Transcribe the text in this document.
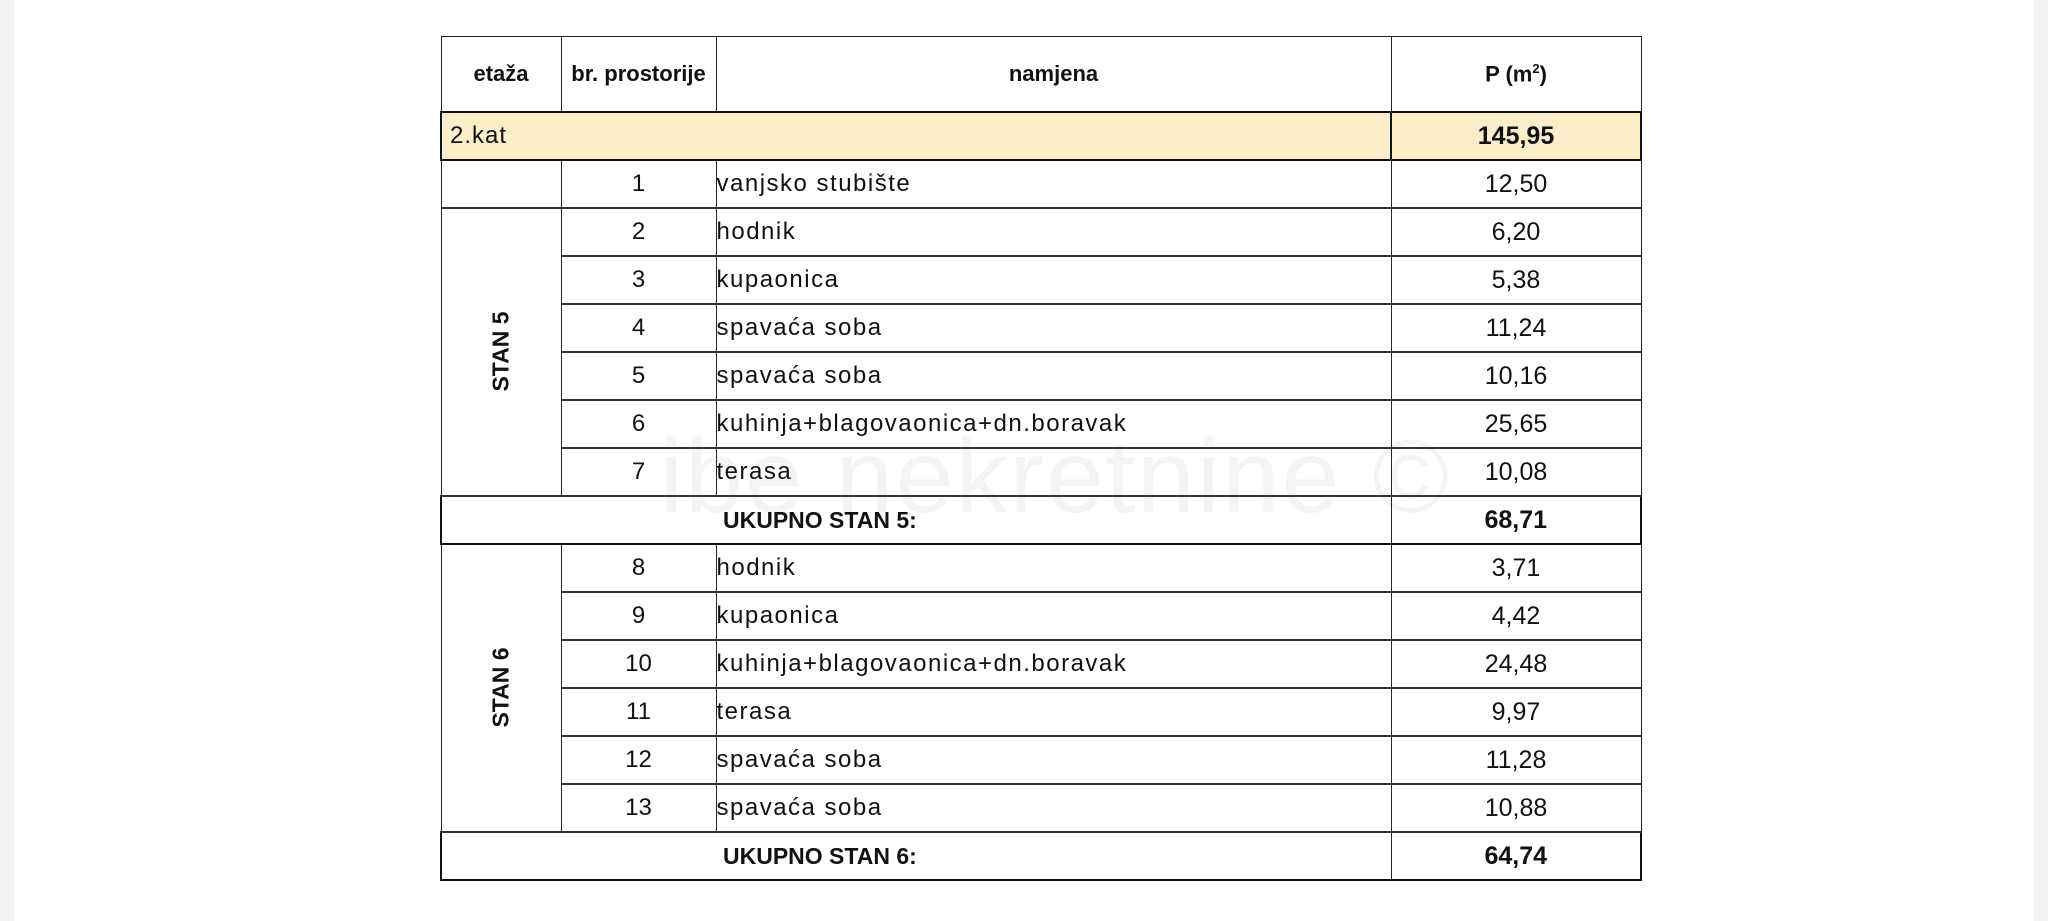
etaža	br. prostorije	namjena	P $(m^2)$
2.kat			145,95
	1	vanjsko stubište	12,50
STAN 5	2	hodnik	6,20
	3	kupaonica	5,38
	4	spavaća soba	11,24
	5	spavaća soba	10,16
	6	kuhinja+blagovaonica+dn.boravak	25,65
	7	terasa	10,08
		UKUPNO STAN 5:	68,71
STAN 6	8	hodnik	3,71
	9	kupaonica	4,42
	10	kuhinja+blagovaonica+dn.boravak	24,48
	11	terasa	9,97
	12	spavaća soba	11,28
	13	spavaća soba	10,88
		UKUPNO STAN 6:	64,74
